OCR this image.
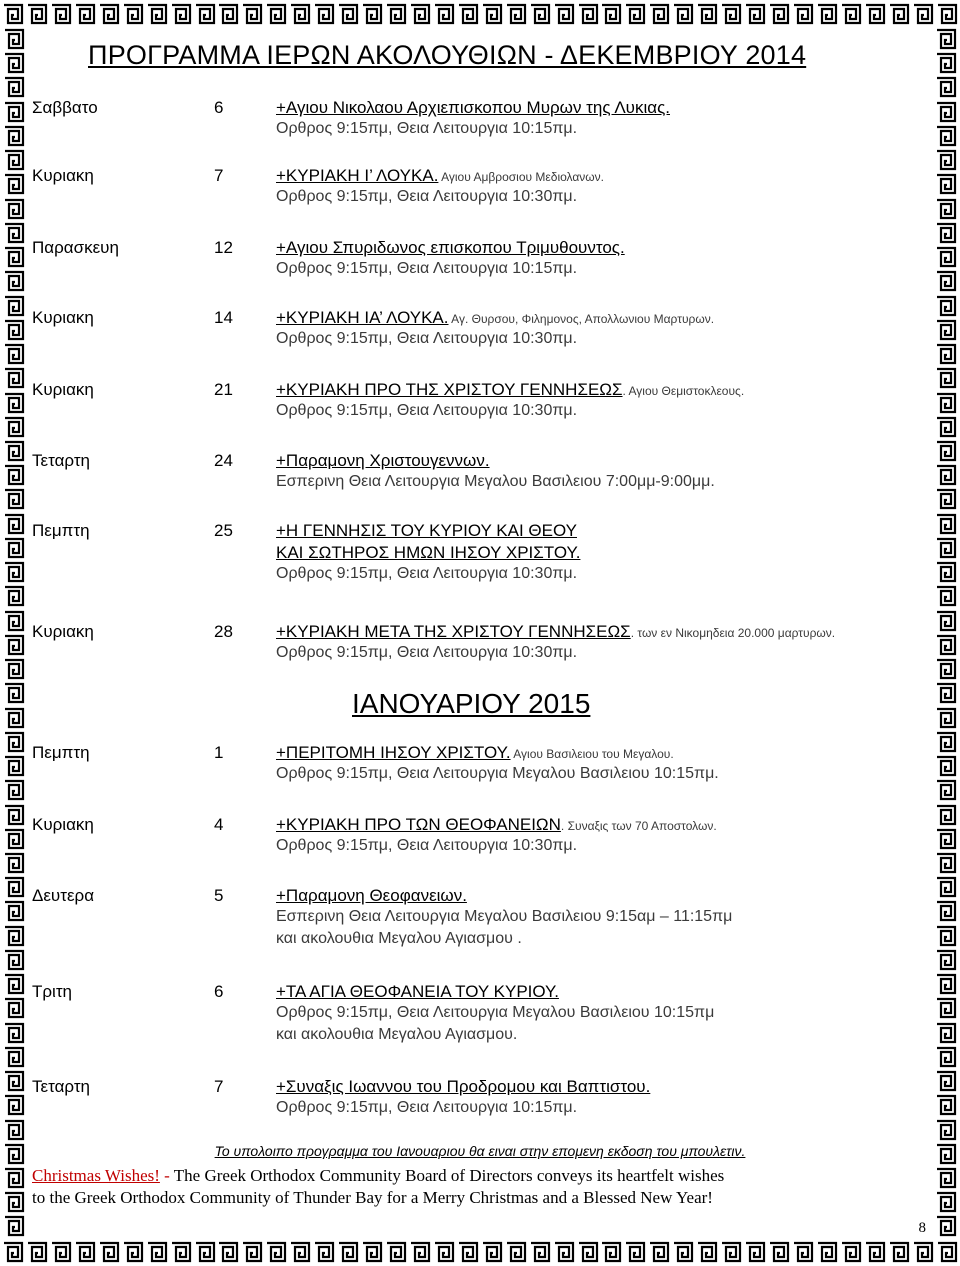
ΠΡΟΓΡΑΜΜΑ ΙΕΡΩΝ ΑΚΟΛΟΥΘΙΩΝ - ΔΕΚΕΜΒΡΙΟΥ 2014
Σαββατο	6	+Αγιου Νικολαου Αρχιεπισκοπου Μυρων της Λυκιας.
Ορθρος 9:15πμ, Θεια Λειτουργια 10:15πμ.
Κυριακη	7	+ΚΥΡΙΑΚΗ Ι’ ΛΟΥΚΑ. Αγιου Αμβροσιου Μεδιολανων.
Ορθρος 9:15πμ, Θεια Λειτουργια 10:30πμ.
Παρασκευη	12	+Αγιου Σπυριδωνος επισκοπου Τριμυθουντος.
Ορθρος 9:15πμ, Θεια Λειτουργια 10:15πμ.
Κυριακη	14	+ΚΥΡΙΑΚΗ ΙΑ’ ΛΟΥΚΑ. Αγ. Θυρσου, Φιλημονος, Απολλωνιου Μαρτυρων.
Ορθρος 9:15πμ, Θεια Λειτουργια 10:30πμ.
Κυριακη	21	+ΚΥΡΙΑΚΗ ΠΡΟ ΤΗΣ ΧΡΙΣΤΟΥ ΓΕΝΝΗΣΕΩΣ. Αγιου Θεμιστοκλεους.
Ορθρος 9:15πμ, Θεια Λειτουργια 10:30πμ.
Τεταρτη	24	+Παραμονη Χριστουγεννων.
Εσπερινη Θεια Λειτουργια Μεγαλου Βασιλειου 7:00μμ-9:00μμ.
Πεμπτη	25	+Η ΓΕΝΝΗΣΙΣ ΤΟΥ ΚΥΡΙΟΥ ΚΑΙ ΘΕΟΥ
ΚΑΙ ΣΩΤΗΡΟΣ ΗΜΩΝ ΙΗΣΟΥ ΧΡΙΣΤΟΥ.
Ορθρος 9:15πμ, Θεια Λειτουργια 10:30πμ.
Κυριακη	28	+ΚΥΡΙΑΚΗ ΜΕΤΑ ΤΗΣ ΧΡΙΣΤΟΥ ΓΕΝΝΗΣΕΩΣ. των εν Νικομηδεια 20.000 μαρτυρων.
Ορθρος 9:15πμ, Θεια Λειτουργια 10:30πμ.
ΙΑΝΟΥΑΡΙΟΥ 2015
Πεμπτη	1	+ΠΕΡΙΤΟΜΗ ΙΗΣΟΥ ΧΡΙΣΤΟΥ. Αγιου Βασιλειου του Μεγαλου.
Ορθρος 9:15πμ, Θεια Λειτουργια Μεγαλου Βασιλειου 10:15πμ.
Κυριακη	4	+ΚΥΡΙΑΚΗ ΠΡΟ ΤΩΝ ΘΕΟΦΑΝΕΙΩΝ. Συναξις των 70 Αποστολων.
Ορθρος 9:15πμ, Θεια Λειτουργια 10:30πμ.
Δευτερα	5	+Παραμονη Θεοφανειων.
Εσπερινη Θεια Λειτουργια Μεγαλου Βασιλειου 9:15αμ – 11:15πμ
και ακολουθια Μεγαλου Αγιασμου .
Τριτη	6	+ΤΑ ΑΓΙΑ ΘΕΟΦΑΝΕΙΑ ΤΟΥ ΚΥΡΙΟΥ.
Ορθρος 9:15πμ, Θεια Λειτουργια Μεγαλου Βασιλειου 10:15πμ
και ακολουθια Μεγαλου Αγιασμου.
Τεταρτη	7	+Συναξις Ιωαννου του Προδρομου και Βαπτιστου.
Ορθρος 9:15πμ, Θεια Λειτουργια 10:15πμ.
Το υπολοιπο προγραμμα του Ιανουαριου θα ειναι στην επομενη εκδοση του μπουλετιν.
Christmas Wishes! - The Greek Orthodox Community Board of Directors conveys its heartfelt wishes
to the Greek Orthodox Community of Thunder Bay for a Merry Christmas and a Blessed New Year!
8
